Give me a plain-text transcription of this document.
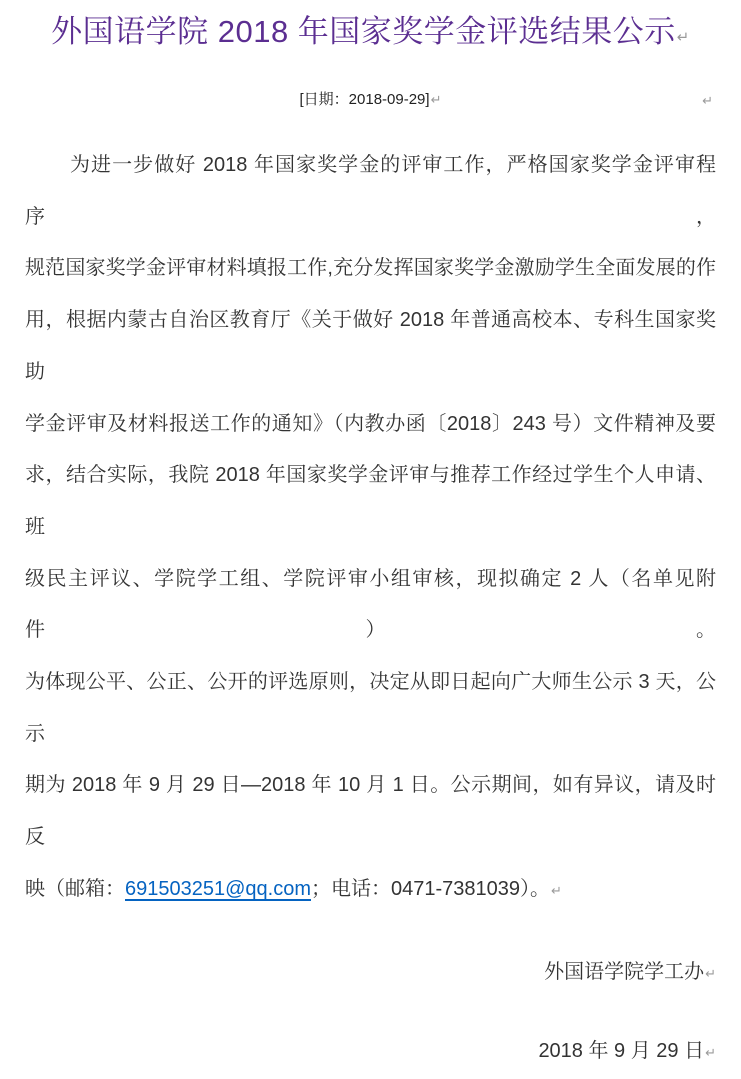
外国语学院 2018 年国家奖学金评选结果公示↵
[日期：2018-09-29]↵	↵
为进一步做好 2018 年国家奖学金的评审工作，严格国家奖学金评审程序，
规范国家奖学金评审材料填报工作,充分发挥国家奖学金激励学生全面发展的作
用，根据内蒙古自治区教育厅《关于做好 2018 年普通高校本、专科生国家奖助
学金评审及材料报送工作的通知》（内教办函〔2018〕243 号）文件精神及要
求，结合实际，我院 2018 年国家奖学金评审与推荐工作经过学生个人申请、班
级民主评议、学院学工组、学院评审小组审核，现拟确定 2 人（名单见附件）。
为体现公平、公正、公开的评选原则，决定从即日起向广大师生公示 3 天，公示
期为 2018 年 9 月 29 日—2018 年 10 月 1 日。公示期间，如有异议，请及时反
映（邮箱：691503251@qq.com；电话：0471-7381039）。↵
外国语学院学工办↵
2018 年 9 月 29 日↵
